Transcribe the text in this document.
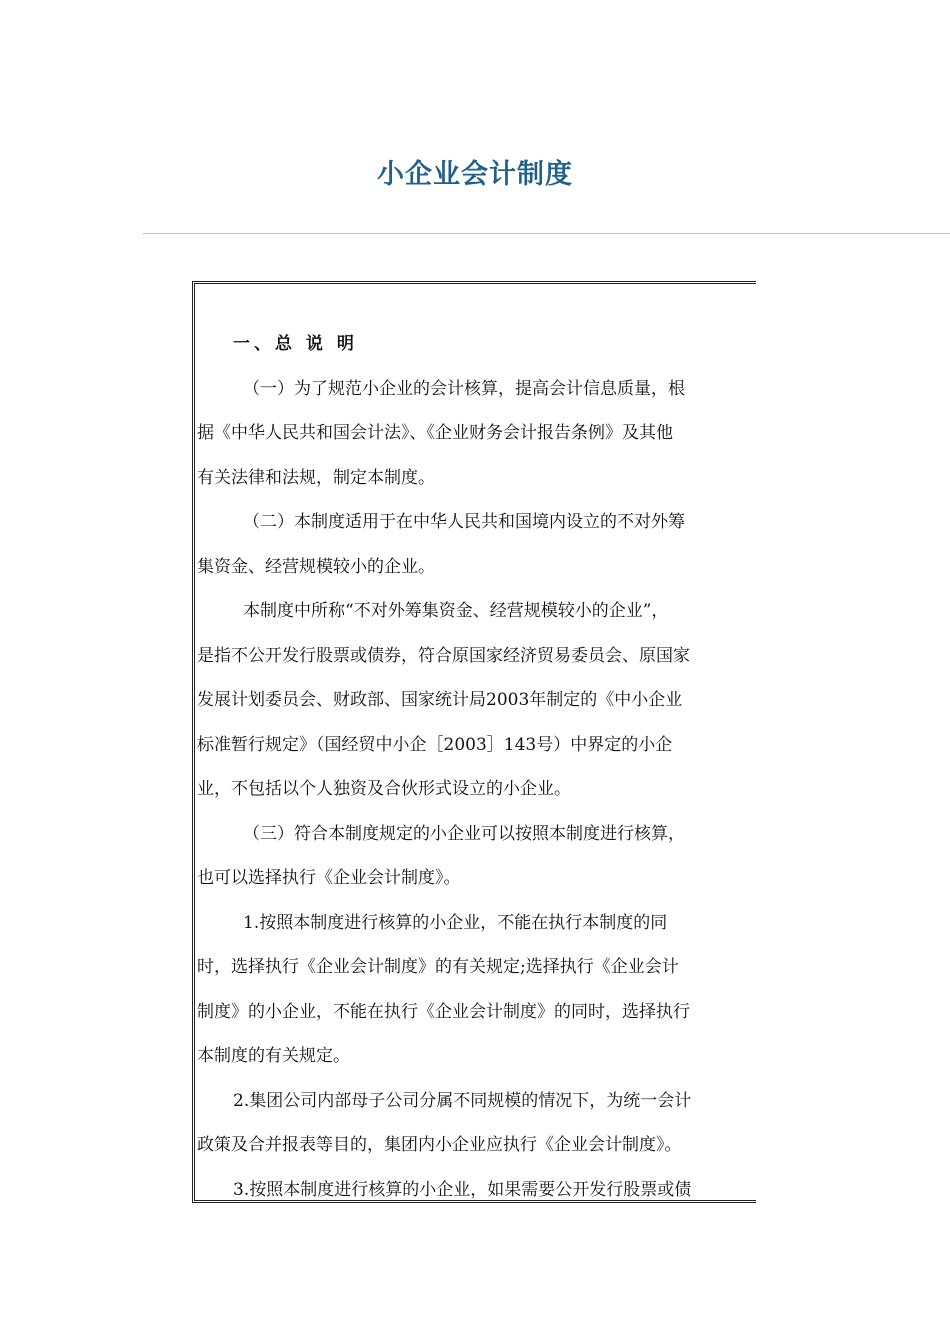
小企业会计制度
一、总 说 明
（一）为了规范小企业的会计核算，提高会计信息质量，根
据《中华人民共和国会计法》、《企业财务会计报告条例》及其他
有关法律和法规，制定本制度。
（二）本制度适用于在中华人民共和国境内设立的不对外筹
集资金、经营规模较小的企业。
本制度中所称“不对外筹集资金、经营规模较小的企业”，
是指不公开发行股票或债券，符合原国家经济贸易委员会、原国家
发展计划委员会、财政部、国家统计局2003年制定的《中小企业
标准暂行规定》（国经贸中小企［2003］143号）中界定的小企
业，不包括以个人独资及合伙形式设立的小企业。
（三）符合本制度规定的小企业可以按照本制度进行核算，
也可以选择执行《企业会计制度》。
1.按照本制度进行核算的小企业，不能在执行本制度的同
时，选择执行《企业会计制度》的有关规定;选择执行《企业会计
制度》的小企业，不能在执行《企业会计制度》的同时，选择执行
本制度的有关规定。
2.集团公司内部母子公司分属不同规模的情况下，为统一会计
政策及合并报表等目的，集团内小企业应执行《企业会计制度》。
3.按照本制度进行核算的小企业，如果需要公开发行股票或债
